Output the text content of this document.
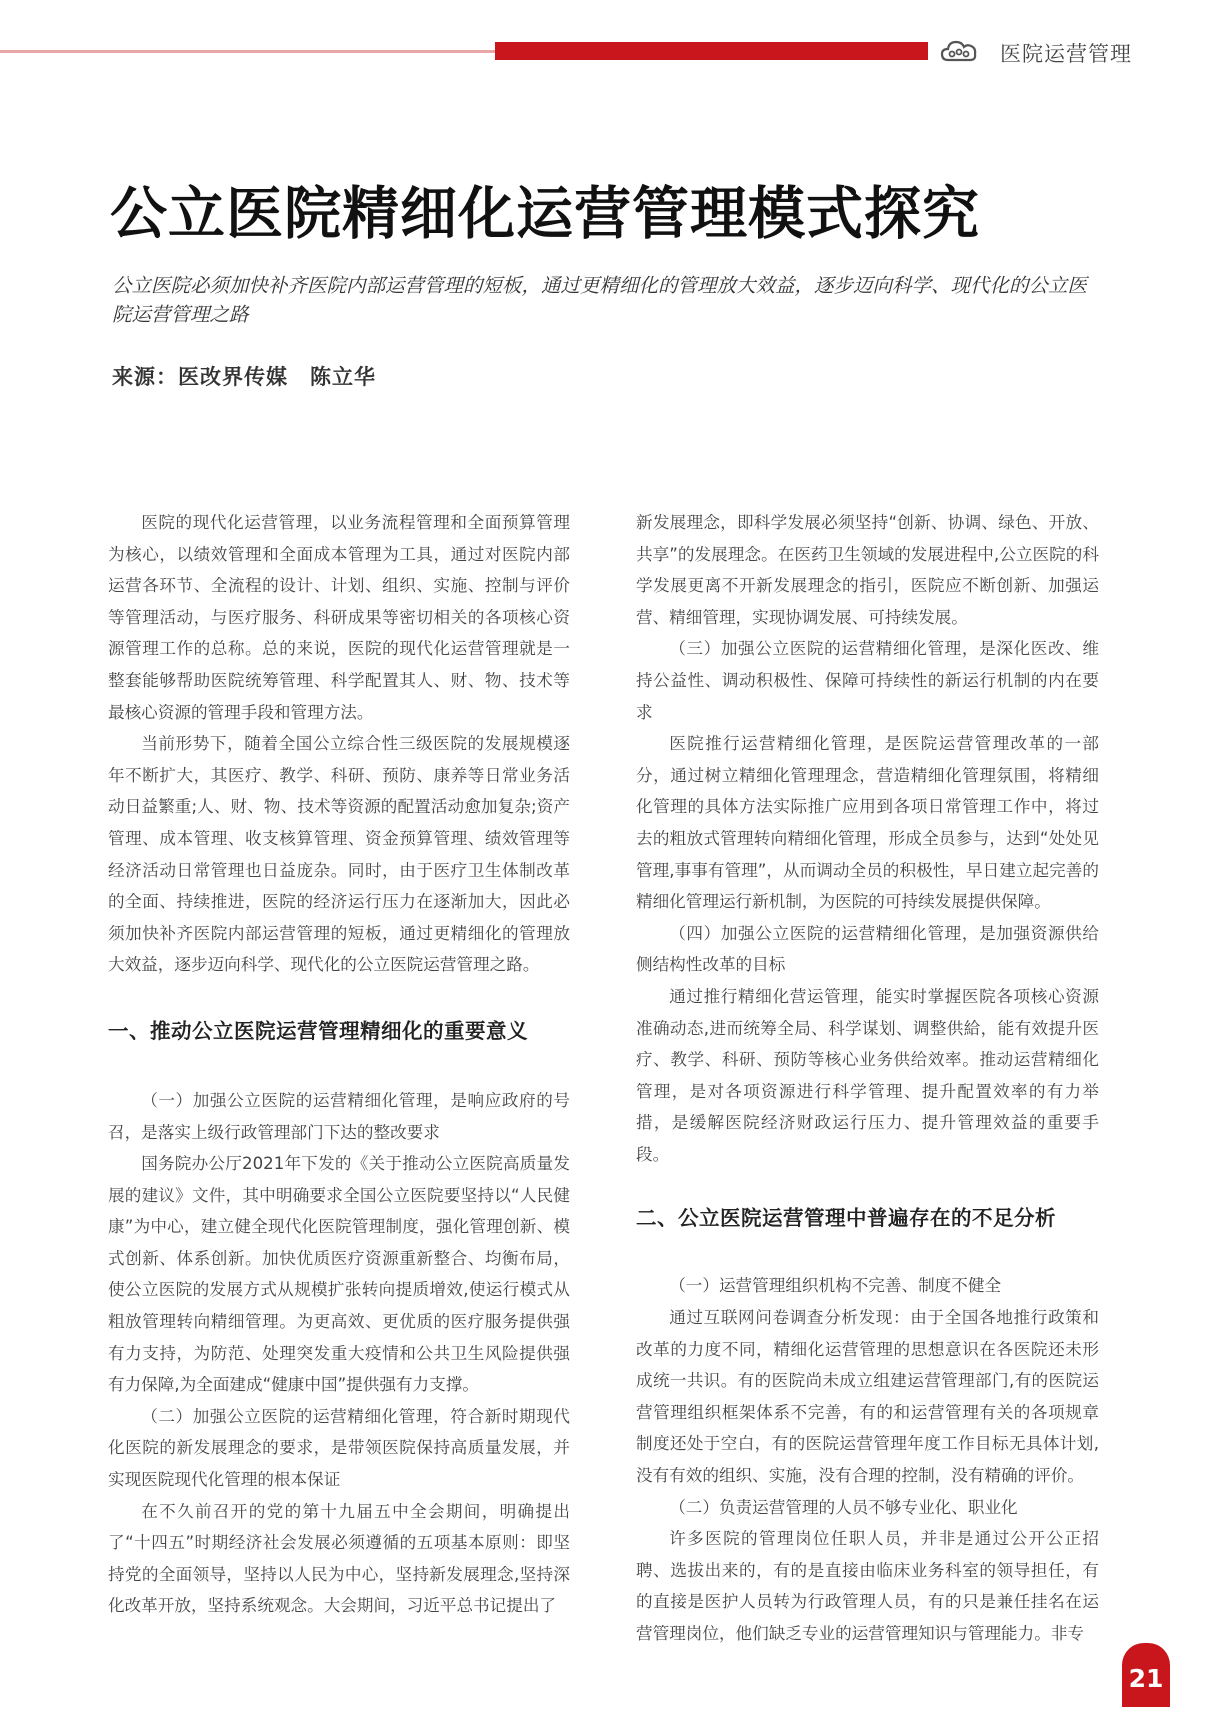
医院运营管理
公立医院精细化运营管理模式探究

公立医院必须加快补齐医院内部运营管理的短板，通过更精细化的管理放大效益，逐步迈向科学、现代化的公立医院运营管理之路

来源：医改界传媒　陈立华

医院的现代化运营管理，以业务流程管理和全面预算管理为核心，以绩效管理和全面成本管理为工具，通过对医院内部运营各环节、全流程的设计、计划、组织、实施、控制与评价等管理活动，与医疗服务、科研成果等密切相关的各项核心资源管理工作的总称。总的来说，医院的现代化运营管理就是一整套能够帮助医院统筹管理、科学配置其人、财、物、技术等最核心资源的管理手段和管理方法。

当前形势下，随着全国公立综合性三级医院的发展规模逐年不断扩大，其医疗、教学、科研、预防、康养等日常业务活动日益繁重;人、财、物、技术等资源的配置活动愈加复杂;资产管理、成本管理、收支核算管理、资金预算管理、绩效管理等经济活动日常管理也日益庞杂。同时，由于医疗卫生体制改革的全面、持续推进，医院的经济运行压力在逐渐加大，因此必须加快补齐医院内部运营管理的短板，通过更精细化的管理放大效益，逐步迈向科学、现代化的公立医院运营管理之路。

一、推动公立医院运营管理精细化的重要意义

（一）加强公立医院的运营精细化管理，是响应政府的号召，是落实上级行政管理部门下达的整改要求

国务院办公厅2021年下发的《关于推动公立医院高质量发展的建议》文件，其中明确要求全国公立医院要坚持以“人民健康”为中心，建立健全现代化医院管理制度，强化管理创新、模式创新、体系创新。加快优质医疗资源重新整合、均衡布局，使公立医院的发展方式从规模扩张转向提质增效,使运行模式从粗放管理转向精细管理。为更高效、更优质的医疗服务提供强有力支持，为防范、处理突发重大疫情和公共卫生风险提供强有力保障,为全面建成“健康中国”提供强有力支撑。

（二）加强公立医院的运营精细化管理，符合新时期现代化医院的新发展理念的要求，是带领医院保持高质量发展，并实现医院现代化管理的根本保证

在不久前召开的党的第十九届五中全会期间，明确提出了“十四五”时期经济社会发展必须遵循的五项基本原则：即坚持党的全面领导，坚持以人民为中心，坚持新发展理念,坚持深化改革开放，坚持系统观念。大会期间，习近平总书记提出了

新发展理念，即科学发展必须坚持“创新、协调、绿色、开放、共享”的发展理念。在医药卫生领域的发展进程中,公立医院的科学发展更离不开新发展理念的指引，医院应不断创新、加强运营、精细管理，实现协调发展、可持续发展。

（三）加强公立医院的运营精细化管理，是深化医改、维持公益性、调动积极性、保障可持续性的新运行机制的内在要求

医院推行运营精细化管理，是医院运营管理改革的一部分，通过树立精细化管理理念，营造精细化管理氛围，将精细化管理的具体方法实际推广应用到各项日常管理工作中，将过去的粗放式管理转向精细化管理，形成全员参与，达到“处处见管理,事事有管理”，从而调动全员的积极性，早日建立起完善的精细化管理运行新机制，为医院的可持续发展提供保障。

（四）加强公立医院的运营精细化管理，是加强资源供给侧结构性改革的目标

通过推行精细化营运管理，能实时掌握医院各项核心资源准确动态,进而统筹全局、科学谋划、调整供給，能有效提升医疗、教学、科研、预防等核心业务供给效率。推动运营精细化管理，是对各项资源进行科学管理、提升配置效率的有力举措，是缓解医院经济财政运行压力、提升管理效益的重要手段。

二、公立医院运营管理中普遍存在的不足分析

（一）运营管理组织机构不完善、制度不健全

通过互联网问卷调查分析发现：由于全国各地推行政策和改革的力度不同，精细化运营管理的思想意识在各医院还未形成统一共识。有的医院尚未成立组建运营管理部门,有的医院运营管理组织框架体系不完善，有的和运营管理有关的各项规章制度还处于空白，有的医院运营管理年度工作目标无具体计划,没有有效的组织、实施，没有合理的控制，没有精确的评价。

（二）负责运营管理的人员不够专业化、职业化

许多医院的管理岗位任职人员，并非是通过公开公正招聘、选拔出来的，有的是直接由临床业务科室的领导担任，有的直接是医护人员转为行政管理人员，有的只是兼任挂名在运营管理岗位，他们缺乏专业的运营管理知识与管理能力。非专

21
